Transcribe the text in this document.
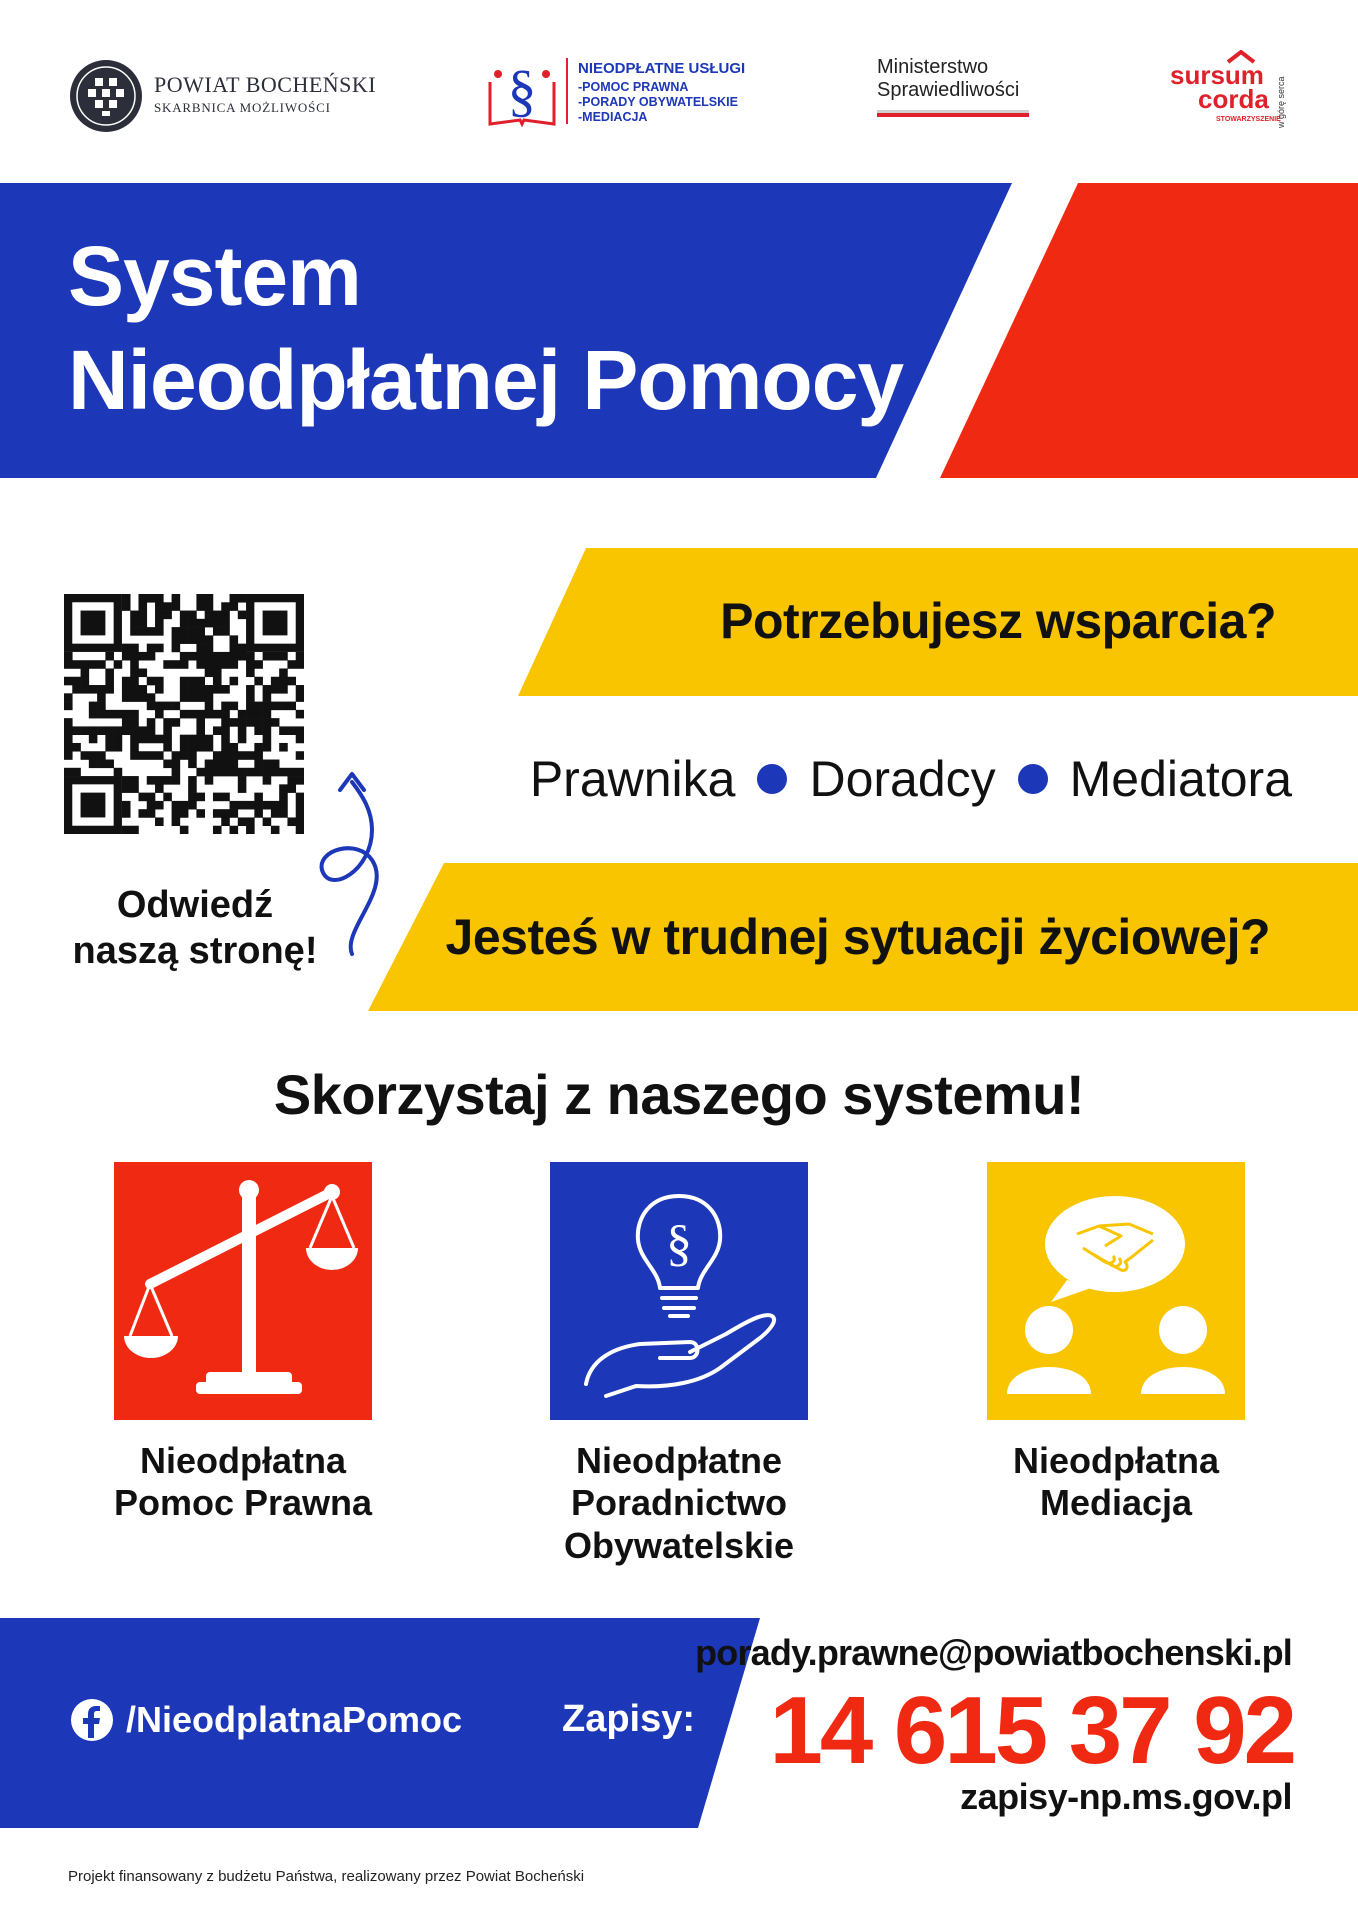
POWIAT BOCHEŃSKI
SKARBNICA MOŻLIWOŚCI	§	NIEODPŁATNE USŁUGI
-POMOC PRAWNA
-PORADY OBYWATELSKIE
-MEDIACJA
Ministerstwo
Sprawiedliwości	sursum
corda
STOWARZYSZENIE
w górę serca
System
Nieodpłatnej Pomocy
Odwiedź
naszą stronę!
Potrzebujesz wsparcia?
Prawnika Doradcy Mediatora
Jesteś w trudnej sytuacji życiowej?
Skorzystaj z naszego systemu!
§
Nieodpłatna
Pomoc Prawna
Nieodpłatne
Poradnictwo
Obywatelskie
Nieodpłatna
Mediacja
/NieodplatnaPomoc	Zapisy:
porady.prawne@powiatbochenski.pl
14 615 37 92
zapisy-np.ms.gov.pl
Projekt finansowany z budżetu Państwa, realizowany przez Powiat Bocheński
